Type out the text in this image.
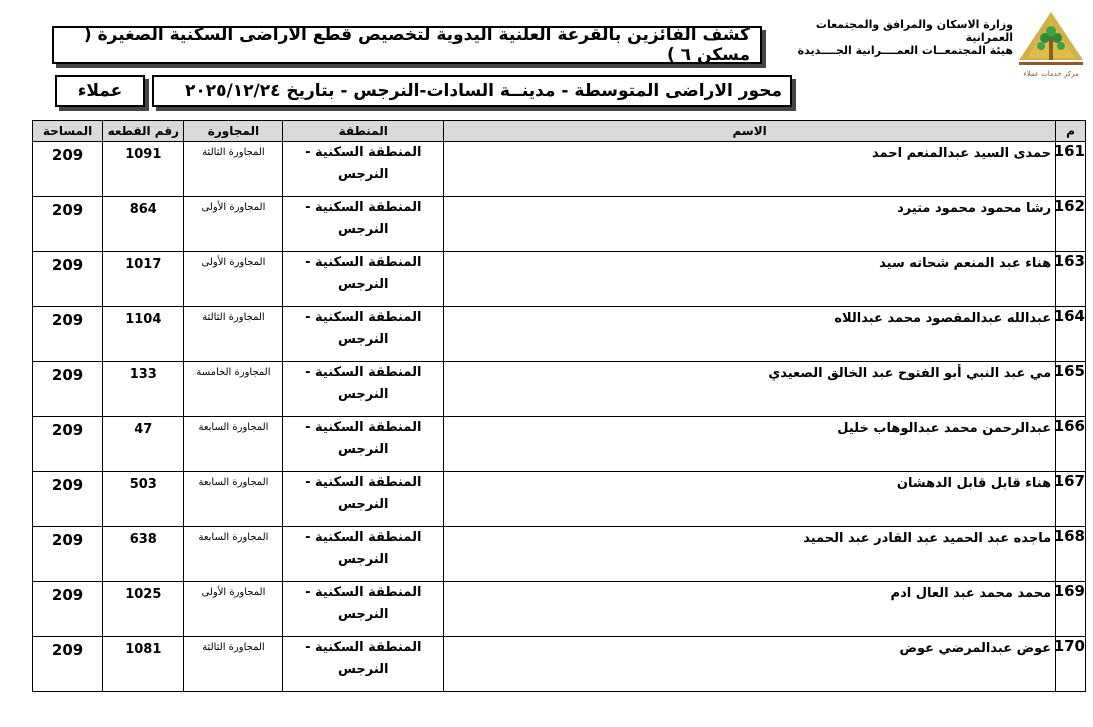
وزارة الاسكان والمرافق والمجتمعات العمرانية
هيئة المجتمعــات العمــــرانية الجــــديدة
مركز خدمات عملاء
كشف الفائزين بالقرعة العلنية اليدوية لتخصيص قطع الاراضى السكنية الصغيرة ( مسكن ٦ )
محور الاراضى المتوسطة - مدينــة السادات-النرجس - بتاريخ ٢٠٢٥/١٢/٢٤
عملاء
م	الاسم	المنطقة	المجاورة	رقم القطعه	المساحة
161	حمدى السيد عبدالمنعم احمد	المنطقة السكنية - النرجس	المجاورة الثالثة	1091	209
162	رشا محمود محمود متيرد	المنطقة السكنية - النرجس	المجاورة الأولى	864	209
163	هناء عبد المنعم شحاته سيد	المنطقة السكنية - النرجس	المجاورة الأولى	1017	209
164	عبدالله عبدالمقصود محمد عبداللاه	المنطقة السكنية - النرجس	المجاورة الثالثة	1104	209
165	مي عبد النبي أبو الفتوح عبد الخالق الصعيدي	المنطقة السكنية - النرجس	المجاورة الخامسة	133	209
166	عبدالرحمن محمد عبدالوهاب خليل	المنطقة السكنية - النرجس	المجاورة السابعة	47	209
167	هناء قابل قابل الدهشان	المنطقة السكنية - النرجس	المجاورة السابعة	503	209
168	ماجده عبد الحميد عبد القادر عبد الحميد	المنطقة السكنية - النرجس	المجاورة السابعة	638	209
169	محمد محمد عبد العال ادم	المنطقة السكنية - النرجس	المجاورة الأولى	1025	209
170	عوض عبدالمرضي عوض	المنطقة السكنية - النرجس	المجاورة الثالثة	1081	209
